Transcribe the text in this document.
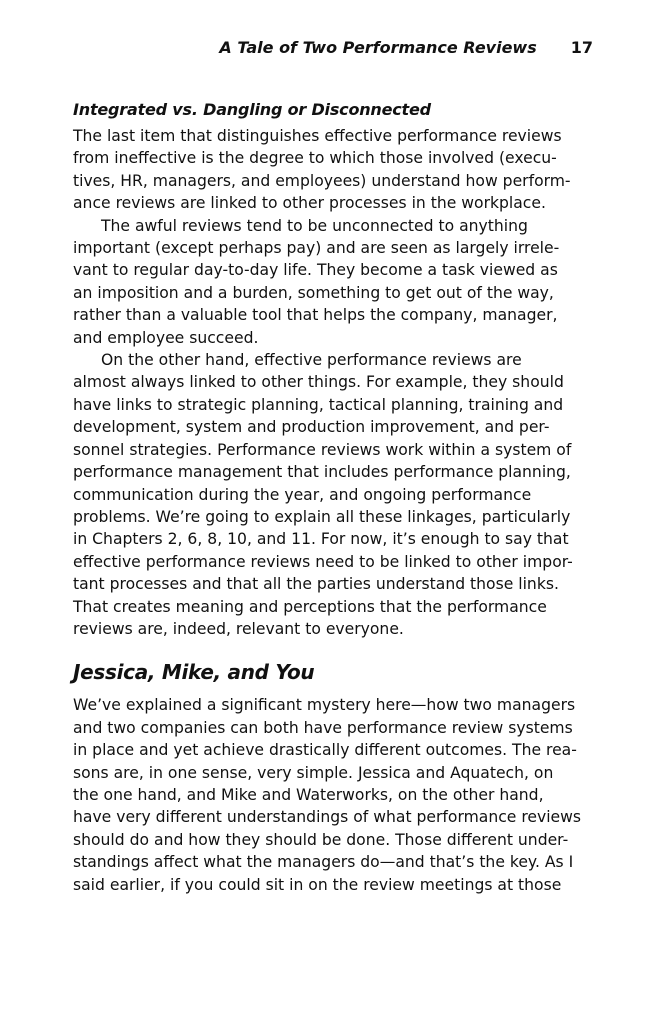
A Tale of Two Performance Reviews 17
Integrated vs. Dangling or Disconnected

The last item that distinguishes effective performance reviews
from ineffective is the degree to which those involved (execu-
tives, HR, managers, and employees) understand how perform-
ance reviews are linked to other processes in the workplace.

The awful reviews tend to be unconnected to anything
important (except perhaps pay) and are seen as largely irrele-
vant to regular day-to-day life. They become a task viewed as
an imposition and a burden, something to get out of the way,
rather than a valuable tool that helps the company, manager,
and employee succeed.

On the other hand, effective performance reviews are
almost always linked to other things. For example, they should
have links to strategic planning, tactical planning, training and
development, system and production improvement, and per-
sonnel strategies. Performance reviews work within a system of
performance management that includes performance planning,
communication during the year, and ongoing performance
problems. We’re going to explain all these linkages, particularly
in Chapters 2, 6, 8, 10, and 11. For now, it’s enough to say that
effective performance reviews need to be linked to other impor-
tant processes and that all the parties understand those links.
That creates meaning and perceptions that the performance
reviews are, indeed, relevant to everyone.

Jessica, Mike, and You

We’ve explained a significant mystery here—how two managers
and two companies can both have performance review systems
in place and yet achieve drastically different outcomes. The rea-
sons are, in one sense, very simple. Jessica and Aquatech, on
the one hand, and Mike and Waterworks, on the other hand,
have very different understandings of what performance reviews
should do and how they should be done. Those different under-
standings affect what the managers do—and that’s the key. As I
said earlier, if you could sit in on the review meetings at those
